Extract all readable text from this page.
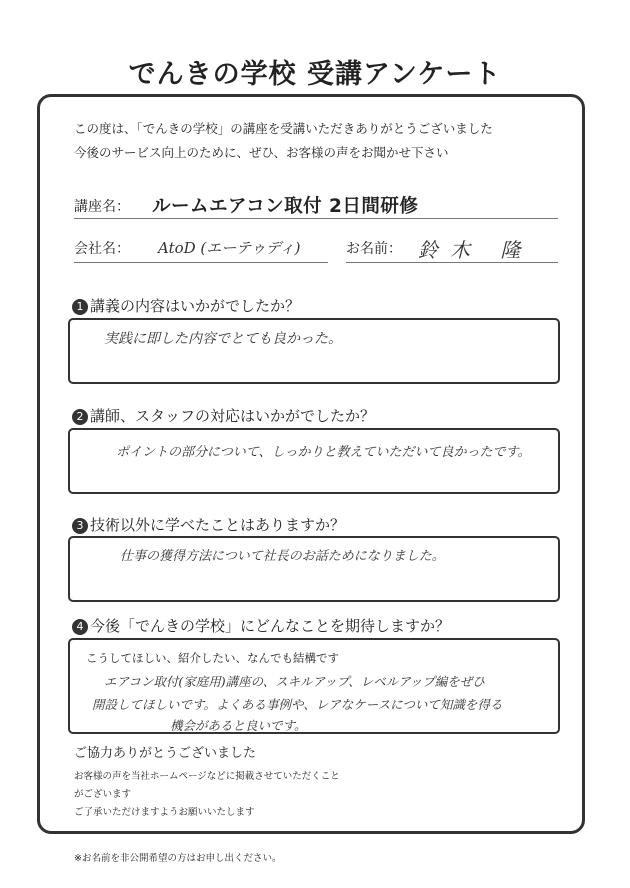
でんきの学校 受講アンケート
この度は、「でんきの学校」の講座を受講いただきありがとうございました
今後のサービス向上のために、ぜひ、お客様の声をお聞かせ下さい
講座名： ルームエアコン取付 2日間研修
会社名： AtoD (エーテゥディ)	お名前： 鈴木 隆
1 講義の内容はいかがでしたか？
実践に即した内容でとても良かった。
2 講師、スタッフの対応はいかがでしたか？
ポイントの部分について、しっかりと教えていただいて良かったです。
3 技術以外に学べたことはありますか？
仕事の獲得方法について社長のお話ためになりました。
4 今後「でんきの学校」にどんなことを期待しますか？
こうしてほしい、紹介したい、なんでも結構です
エアコン取付(家庭用)講座の、スキルアップ、レベルアップ編をぜひ
開設してほしいです。よくある事例や、レアなケースについて知識を得る
機会があると良いです。
ご協力ありがとうございました
お客様の声を当社ホームページなどに掲載させていただくこと
がございます
ご了承いただけますようお願いいたします
※お名前を非公開希望の方はお申し出ください。
